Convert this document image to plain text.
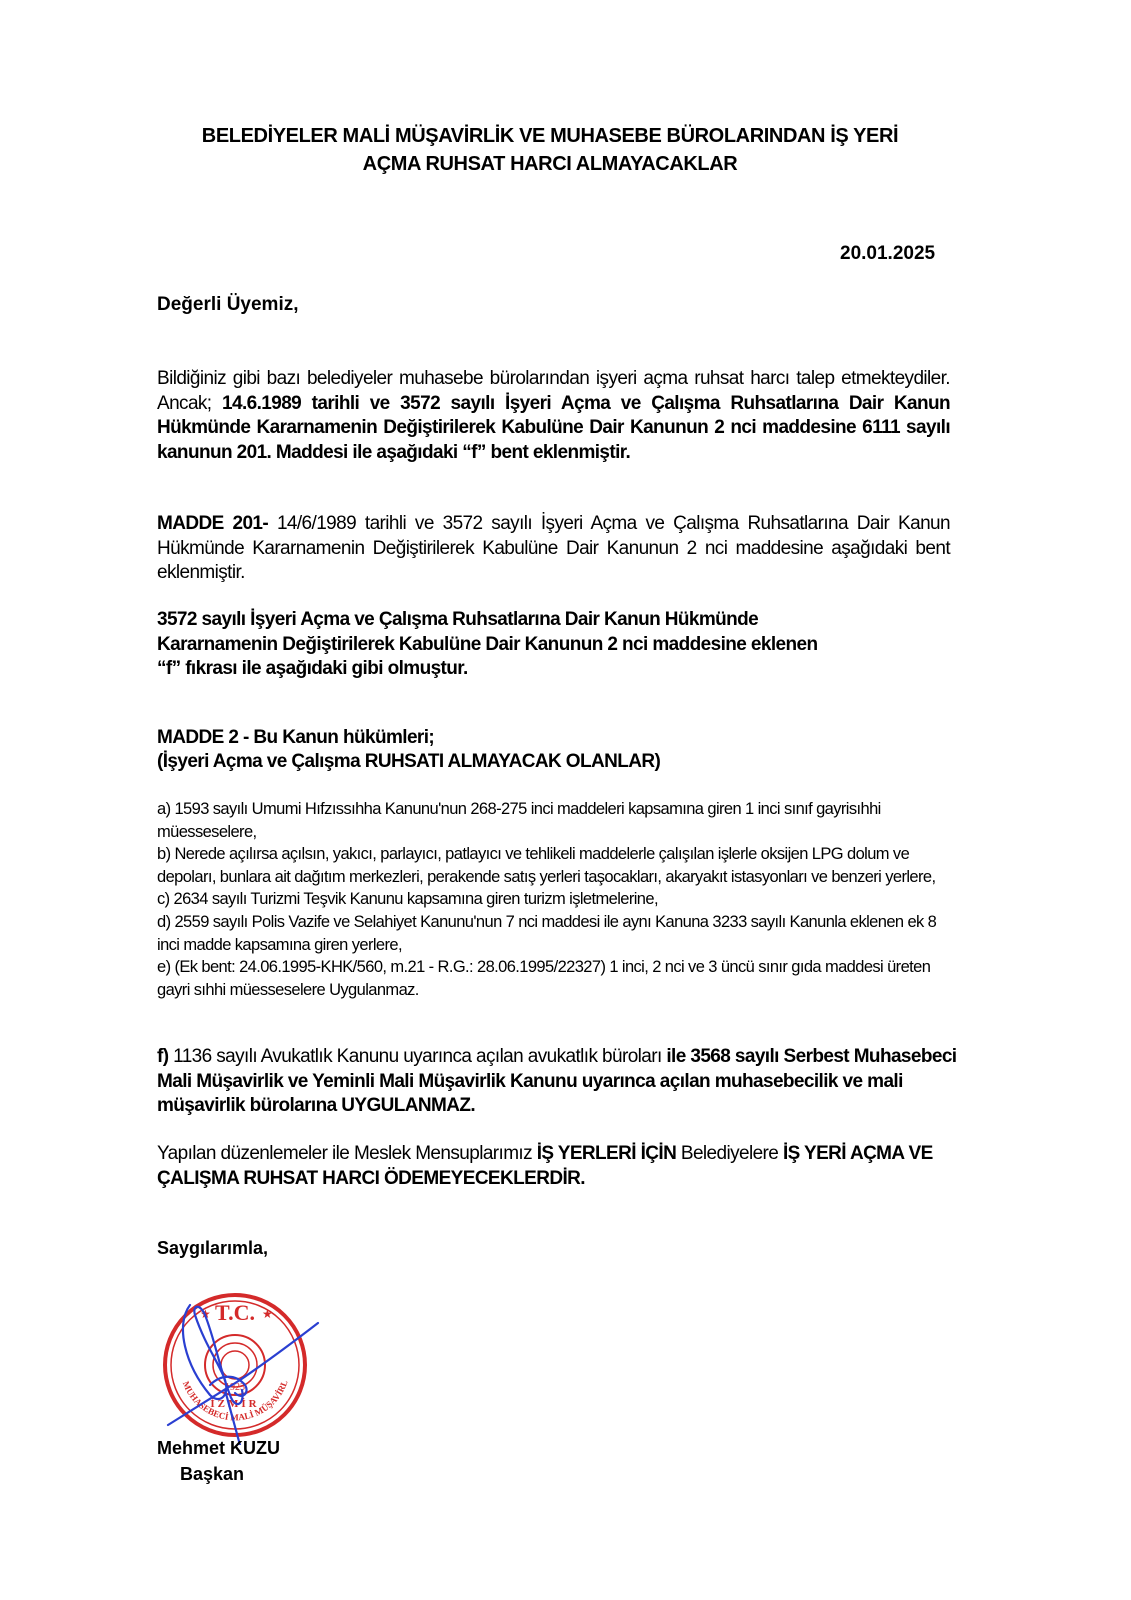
BELEDİYELER MALİ MÜŞAVİRLİK VE MUHASEBE BÜROLARINDAN İŞ YERİ
AÇMA RUHSAT HARCI ALMAYACAKLAR
20.01.2025
Değerli Üyemiz,
Bildiğiniz gibi bazı belediyeler muhasebe bürolarından işyeri açma ruhsat harcı talep etmekteydiler. Ancak; 14.6.1989 tarihli ve 3572 sayılı İşyeri Açma ve Çalışma Ruhsatlarına Dair Kanun Hükmünde Kararnamenin Değiştirilerek Kabulüne Dair Kanunun 2 nci maddesine 6111 sayılı kanunun 201. Maddesi ile aşağıdaki “f” bent eklenmiştir.
MADDE 201- 14/6/1989 tarihli ve 3572 sayılı İşyeri Açma ve Çalışma Ruhsatlarına Dair Kanun Hükmünde Kararnamenin Değiştirilerek Kabulüne Dair Kanunun 2 nci maddesine aşağıdaki bent eklenmiştir.
3572 sayılı İşyeri Açma ve Çalışma Ruhsatlarına Dair Kanun Hükmünde
Kararnamenin Değiştirilerek Kabulüne Dair Kanunun 2 nci maddesine eklenen
“f” fıkrası ile aşağıdaki gibi olmuştur.
MADDE 2 - Bu Kanun hükümleri;
(İşyeri Açma ve Çalışma RUHSATI ALMAYACAK OLANLAR)
a) 1593 sayılı Umumi Hıfzıssıhha Kanunu'nun 268-275 inci maddeleri kapsamına giren 1 inci sınıf gayrisıhhi müesseselere,
b) Nerede açılırsa açılsın, yakıcı, parlayıcı, patlayıcı ve tehlikeli maddelerle çalışılan işlerle oksijen LPG dolum ve depoları, bunlara ait dağıtım merkezleri, perakende satış yerleri taşocakları, akaryakıt istasyonları ve benzeri yerlere,
c) 2634 sayılı Turizmi Teşvik Kanunu kapsamına giren turizm işletmelerine,
d) 2559 sayılı Polis Vazife ve Selahiyet Kanunu'nun 7 nci maddesi ile aynı Kanuna 3233 sayılı Kanunla eklenen ek 8 inci madde kapsamına giren yerlere,
e) (Ek bent: 24.06.1995-KHK/560, m.21 - R.G.: 28.06.1995/22327) 1 inci, 2 nci ve 3 üncü sınır gıda maddesi üreten gayri sıhhi müesseselere Uygulanmaz.
f) 1136 sayılı Avukatlık Kanunu uyarınca açılan avukatlık büroları ile 3568 sayılı Serbest Muhasebeci Mali Müşavirlik ve Yeminli Mali Müşavirlik Kanunu uyarınca açılan muhasebecilik ve mali müşavirlik bürolarına UYGULANMAZ.
Yapılan düzenlemeler ile Meslek Mensuplarımız İŞ YERLERİ İÇİN Belediyelere İŞ YERİ AÇMA VE ÇALIŞMA RUHSAT HARCI ÖDEMEYECEKLERDİR.
Saygılarımla,
T.C.
★	★
1923
MUHASEBECİ MALİ MÜŞAVİRL
İZMİR
Mehmet KUZU
Başkan
